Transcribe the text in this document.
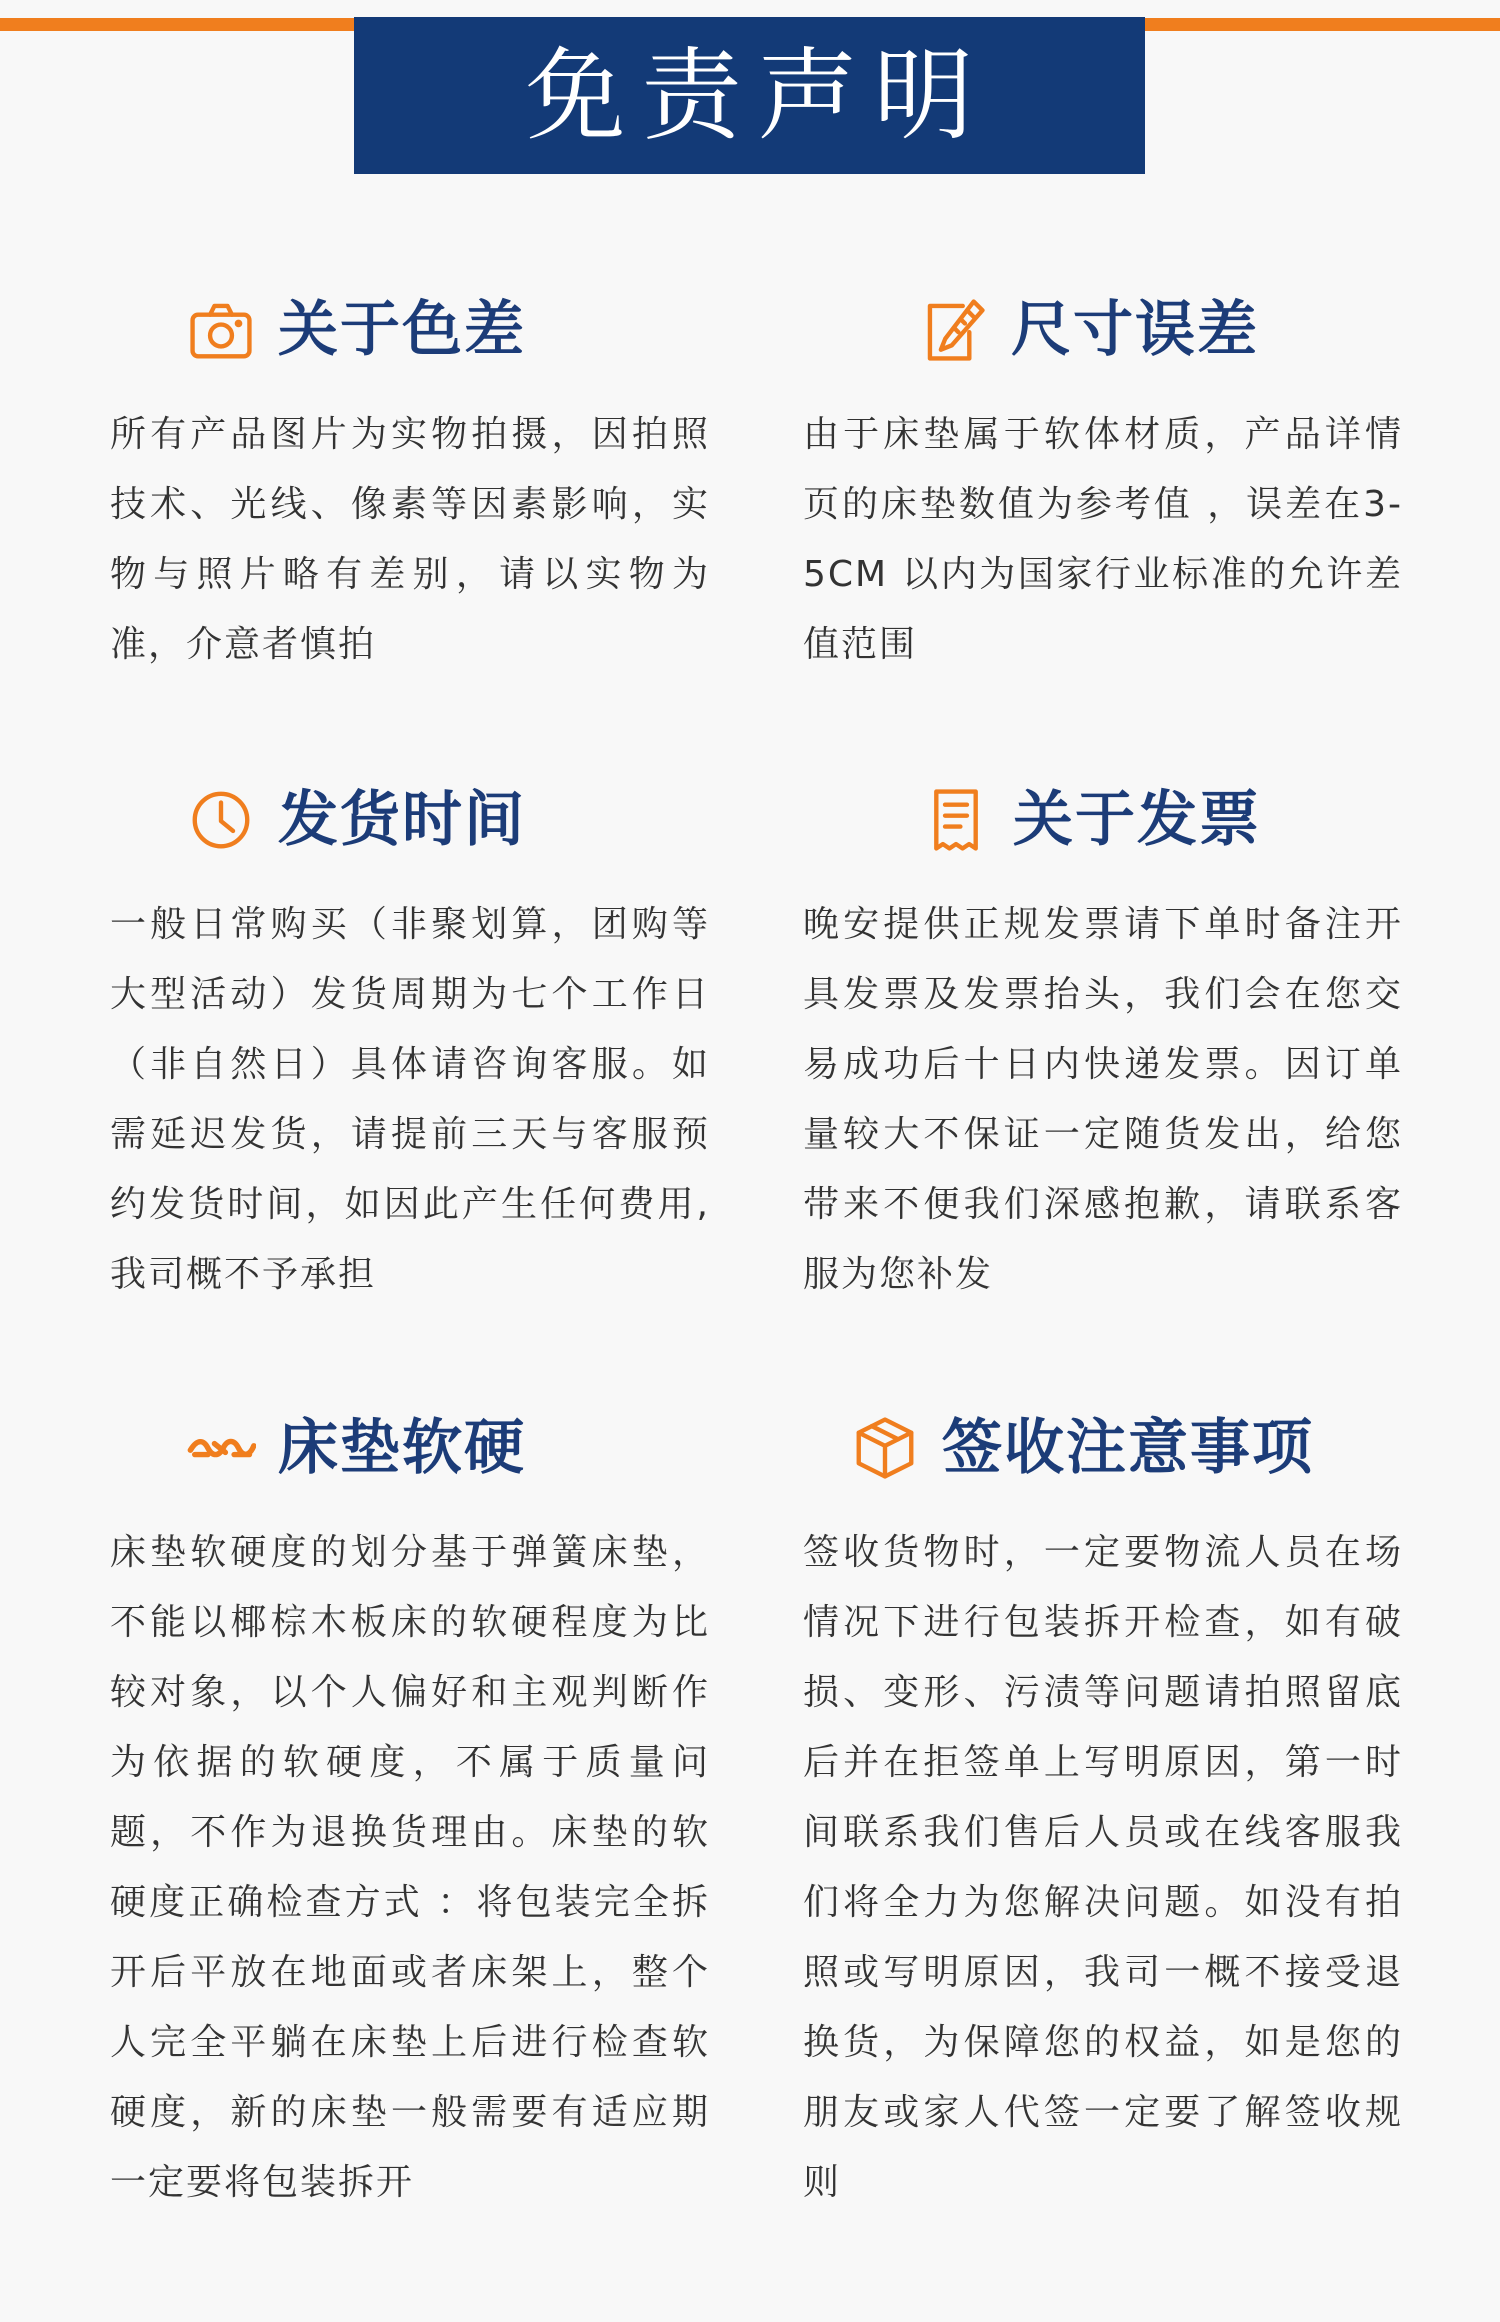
免责声明
关于色差

所有产品图片为实物拍摄，因拍照技术、光线、像素等因素影响，实物与照片略有差别，请以实物为准，介意者慎拍

尺寸误差

由于床垫属于软体材质，产品详情页的床垫数值为参考值 ，误差在3-5CM 以内为国家行业标准的允许差值范围

发货时间

一般日常购买（非聚划算，团购等大型活动）发货周期为七个工作日（非自然日）具体请咨询客服。如需延迟发货，请提前三天与客服预约发货时间，如因此产生任何费用,我司概不予承担

关于发票

晚安提供正规发票请下单时备注开具发票及发票抬头，我们会在您交易成功后十日内快递发票。因订单量较大不保证一定随货发出，给您带来不便我们深感抱歉，请联系客服为您补发

床垫软硬

床垫软硬度的划分基于弹簧床垫，不能以椰棕木板床的软硬程度为比较对象，以个人偏好和主观判断作为依据的软硬度，不属于质量问题，不作为退换货理由。床垫的软硬度正确检查方式 ：将包装完全拆开后平放在地面或者床架上，整个人完全平躺在床垫上后进行检查软硬度，新的床垫一般需要有适应期一定要将包装拆开

签收注意事项

签收货物时，一定要物流人员在场情况下进行包装拆开检查，如有破损、变形、污渍等问题请拍照留底后并在拒签单上写明原因，第一时间联系我们售后人员或在线客服我们将全力为您解决问题。如没有拍照或写明原因，我司一概不接受退换货，为保障您的权益，如是您的朋友或家人代签一定要了解签收规则
